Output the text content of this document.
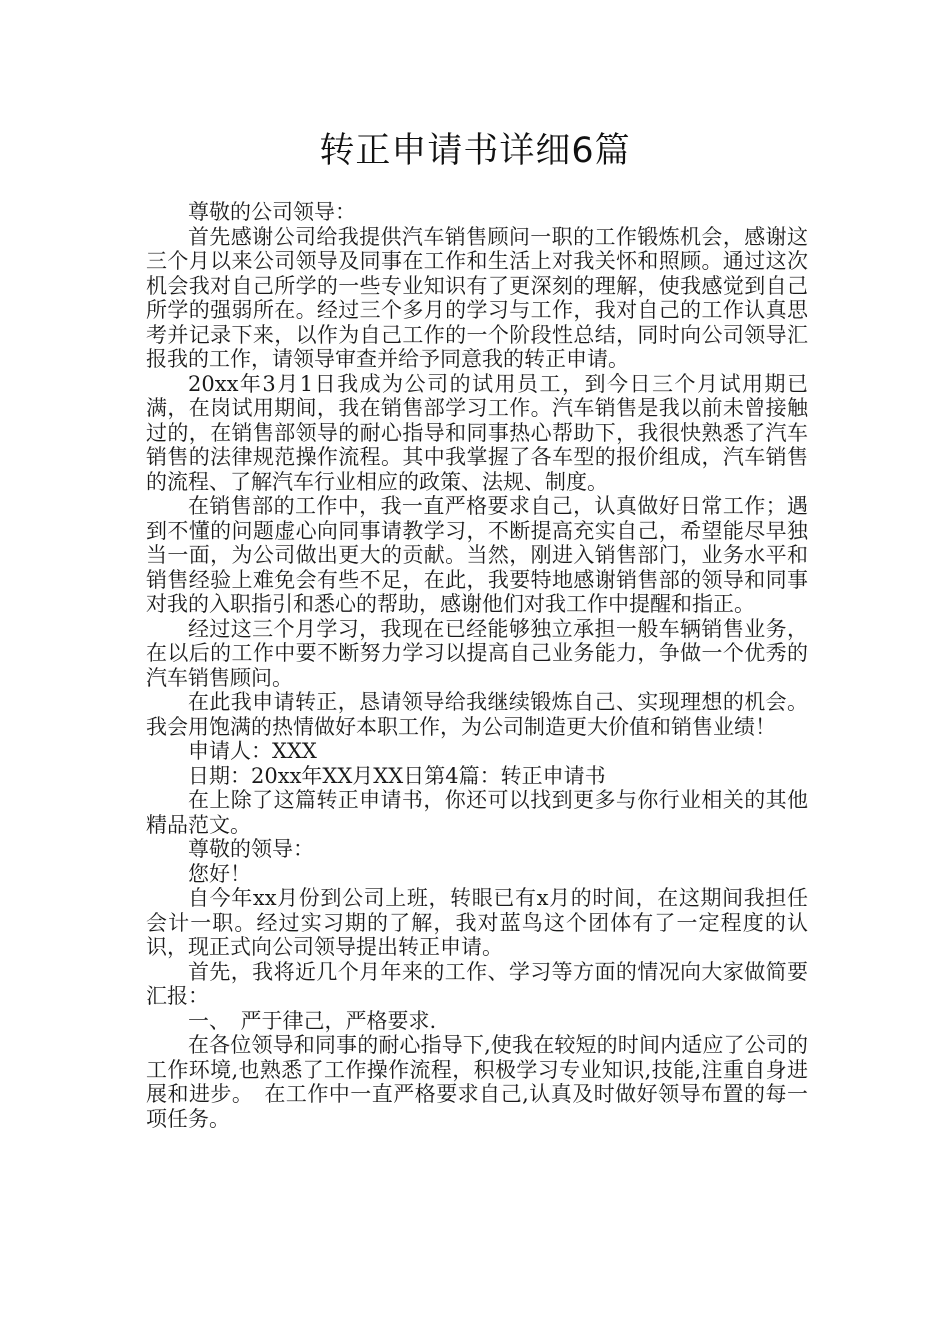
转正申请书详细6篇

尊敬的公司领导：

首先感谢公司给我提供汽车销售顾问一职的工作锻炼机会，感谢这三个月以来公司领导及同事在工作和生活上对我关怀和照顾。通过这次机会我对自己所学的一些专业知识有了更深刻的理解，使我感觉到自己所学的强弱所在。经过三个多月的学习与工作，我对自己的工作认真思考并记录下来，以作为自己工作的一个阶段性总结，同时向公司领导汇报我的工作，请领导审查并给予同意我的转正申请。

20xx年3月1日我成为公司的试用员工，到今日三个月试用期已满，在岗试用期间，我在销售部学习工作。汽车销售是我以前未曾接触过的，在销售部领导的耐心指导和同事热心帮助下，我很快熟悉了汽车销售的法律规范操作流程。其中我掌握了各车型的报价组成，汽车销售的流程、了解汽车行业相应的政策、法规、制度。

在销售部的工作中，我一直严格要求自己，认真做好日常工作；遇到不懂的问题虚心向同事请教学习，不断提高充实自己，希望能尽早独当一面，为公司做出更大的贡献。当然，刚进入销售部门，业务水平和销售经验上难免会有些不足，在此，我要特地感谢销售部的领导和同事对我的入职指引和悉心的帮助，感谢他们对我工作中提醒和指正。

经过这三个月学习，我现在已经能够独立承担一般车辆销售业务，在以后的工作中要不断努力学习以提高自己业务能力，争做一个优秀的汽车销售顾问。

在此我申请转正，恳请领导给我继续锻炼自己、实现理想的机会。我会用饱满的热情做好本职工作，为公司制造更大价值和销售业绩！

申请人：XXX

日期：20xx年XX月XX日第4篇：转正申请书

在上除了这篇转正申请书，你还可以找到更多与你行业相关的其他精品范文。

尊敬的领导：

您好！

自今年xx月份到公司上班，转眼已有x月的时间，在这期间我担任会计一职。经过实习期的了解，我对蓝鸟这个团体有了一定程度的认识，现正式向公司领导提出转正申请。

首先，我将近几个月年来的工作、学习等方面的情况向大家做简要汇报：

一、　严于律己，严格要求.

在各位领导和同事的耐心指导下,使我在较短的时间内适应了公司的工作环境,也熟悉了工作操作流程，积极学习专业知识,技能,注重自身进展和进步。　在工作中一直严格要求自己,认真及时做好领导布置的每一项任务。
